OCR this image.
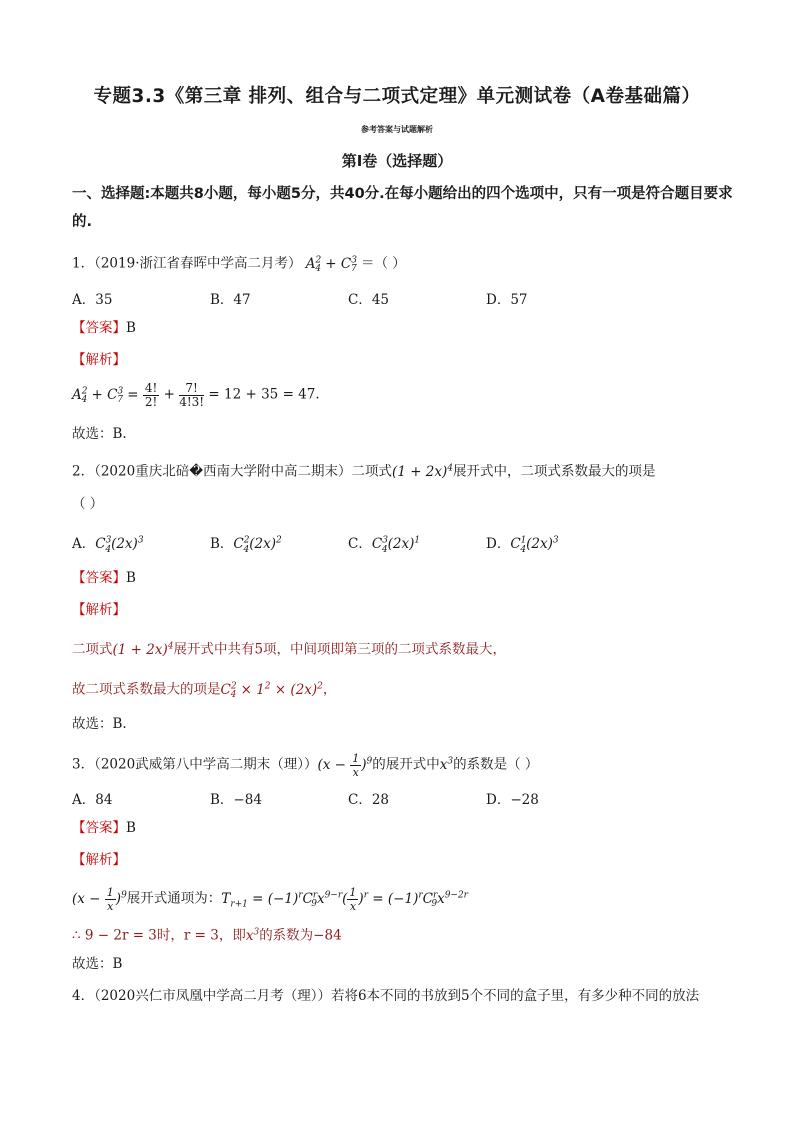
专题3.3《第三章 排列、组合与二项式定理》单元测试卷（A卷基础篇）
参考答案与试题解析
第Ⅰ卷（选择题）
一、选择题:本题共8小题，每小题5分，共40分.在每小题给出的四个选项中，只有一项是符合题目要求
的.
1．（2019·浙江省春晖中学高二月考） $A^2_4 + C^3_7$ ＝（ ）
A．35	B．47	C．45	D．57
【答案】B
【解析】
$A^2_4 + C^3_7 = \frac{4!}{2!} + \frac{7!}{4!3!} = 12 + 35 = 47$.
故选：B.
2．（2020重庆北碚�西南大学附中高二期末）二项式$(1 + 2x)^4$展开式中，二项式系数最大的项是
（ ）
A．$C^3_4(2x)^3$	B．$C^2_4(2x)^2$	C．$C^3_4(2x)^1$	D．$C^1_4(2x)^3$
【答案】B
【解析】
二项式$(1 + 2x)^4$展开式中共有5项，中间项即第三项的二项式系数最大，
故二项式系数最大的项是$C^2_4 \times 1^2 \times (2x)^2$，
故选：B.
3．（2020武威第八中学高二期末（理））$(x - \frac{1}{x} )^9$的展开式中$x^3$的系数是（ ）
A．84	B．−84	C．28	D．−28
【答案】B
【解析】
$(x - \frac{1}{x} )^9$展开式通项为：$T_{r+1} = (-1)^rC^r_9x^{9-r}( \frac{1}{x} )^r = (-1)^rC^r_9x^{9-2r}$
∴ 9 − 2r = 3时，r = 3，即$x^3$的系数为−84
故选：B
4．（2020兴仁市凤凰中学高二月考（理））若将6本不同的书放到5个不同的盒子里，有多少种不同的放法
